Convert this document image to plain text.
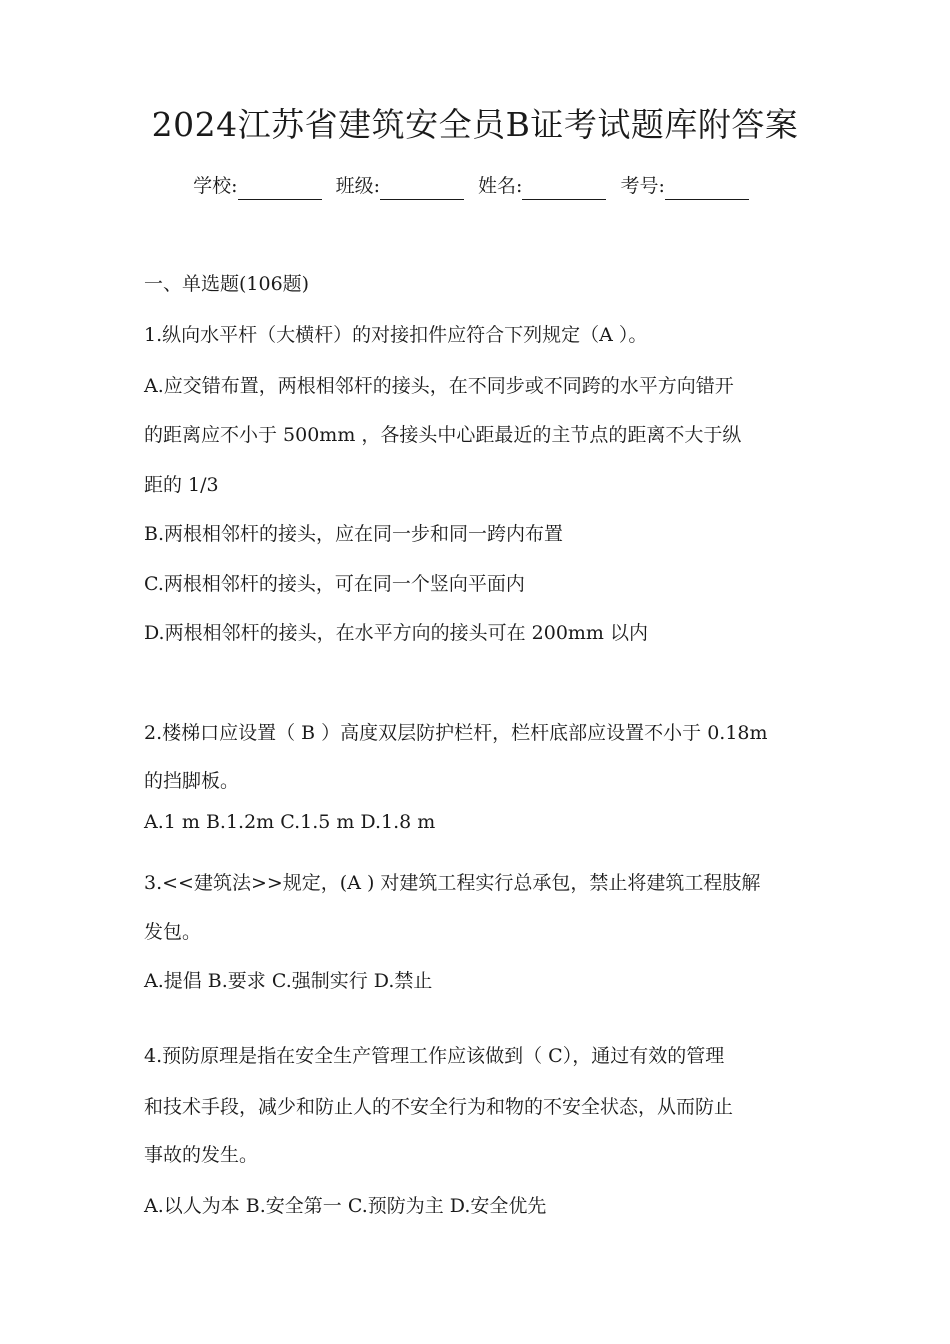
2024江苏省建筑安全员B证考试题库附答案
学校:	班级:	姓名:	考号:
一、单选题(106题)
1.纵向水平杆（大横杆）的对接扣件应符合下列规定（A ）。
A.应交错布置，两根相邻杆的接头，在不同步或不同跨的水平方向错开
的距离应不小于 500mm ，各接头中心距最近的主节点的距离不大于纵
距的 1/3
B.两根相邻杆的接头，应在同一步和同一跨内布置
C.两根相邻杆的接头，可在同一个竖向平面内
D.两根相邻杆的接头，在水平方向的接头可在 200mm 以内
2.楼梯口应设置（ B ）高度双层防护栏杆，栏杆底部应设置不小于 0.18m
的挡脚板。
A.1 m B.1.2m C.1.5 m D.1.8 m
3.<<建筑法>>规定，(A ) 对建筑工程实行总承包，禁止将建筑工程肢解
发包。
A.提倡 B.要求 C.强制实行 D.禁止
4.预防原理是指在安全生产管理工作应该做到（ C），通过有效的管理
和技术手段，减少和防止人的不安全行为和物的不安全状态，从而防止
事故的发生。
A.以人为本 B.安全第一 C.预防为主 D.安全优先
